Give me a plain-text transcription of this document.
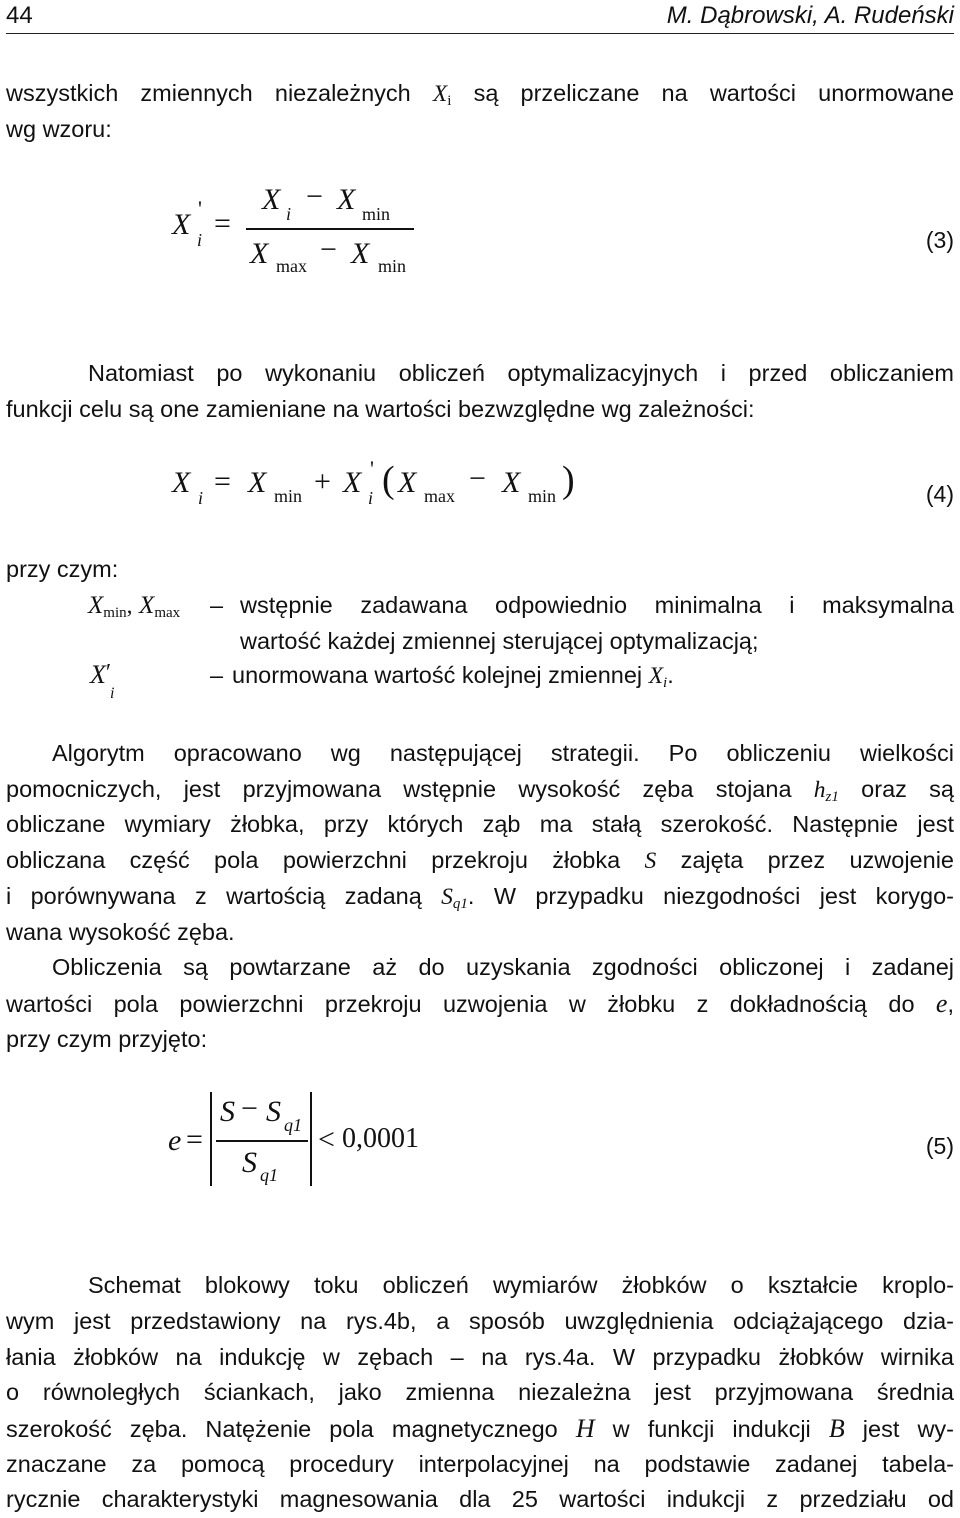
44	M. Dąbrowski, A. Rudeński
wszystkich zmiennych niezależnych $X_i$ są przeliczane na wartości unormowane
wg wzoru:
X '
i =
X i
− X min
X max − X min
(3)
Natomiast po wykonaniu obliczeń optymalizacyjnych i przed obliczaniem
funkcji celu są one zamieniane na wartości bezwzględne wg zależności:
X i = X min + X '
i ( X max
− X min )	(4)
przy czym:
$X_{min}$, $X_{max}$ – wstępnie zadawana odpowiednio minimalna i maksymalna
wartość każdej zmiennej sterującej optymalizacją;
X′
i
– unormowana wartość kolejnej zmiennej $X_i$.
Algorytm opracowano wg następującej strategii. Po obliczeniu wielkości
pomocniczych, jest przyjmowana wstępnie wysokość zęba stojana $h_{z1}$ oraz są
obliczane wymiary żłobka, przy których ząb ma stałą szerokość. Następnie jest
obliczana część pola powierzchni przekroju żłobka S zajęta przez uzwojenie
i porównywana z wartością zadaną $S_{q1}$. W przypadku niezgodności jest korygo-
wana wysokość zęba.
Obliczenia są powtarzane aż do uzyskania zgodności obliczonej i zadanej
wartości pola powierzchni przekroju uzwojenia w żłobku z dokładnością do e,
przy czym przyjęto:
e =
S − S q1
S q1
< 0,0001	(5)
Schemat blokowy toku obliczeń wymiarów żłobków o kształcie kroplo-
wym jest przedstawiony na rys.4b, a sposób uwzględnienia odciążającego dzia-
łania żłobków na indukcję w zębach – na rys.4a. W przypadku żłobków wirnika
o równoległych ściankach, jako zmienna niezależna jest przyjmowana średnia
szerokość zęba. Natężenie pola magnetycznego H w funkcji indukcji B jest wy-
znaczane za pomocą procedury interpolacyjnej na podstawie zadanej tabela-
rycznie charakterystyki magnesowania dla 25 wartości indukcji z przedziału od
